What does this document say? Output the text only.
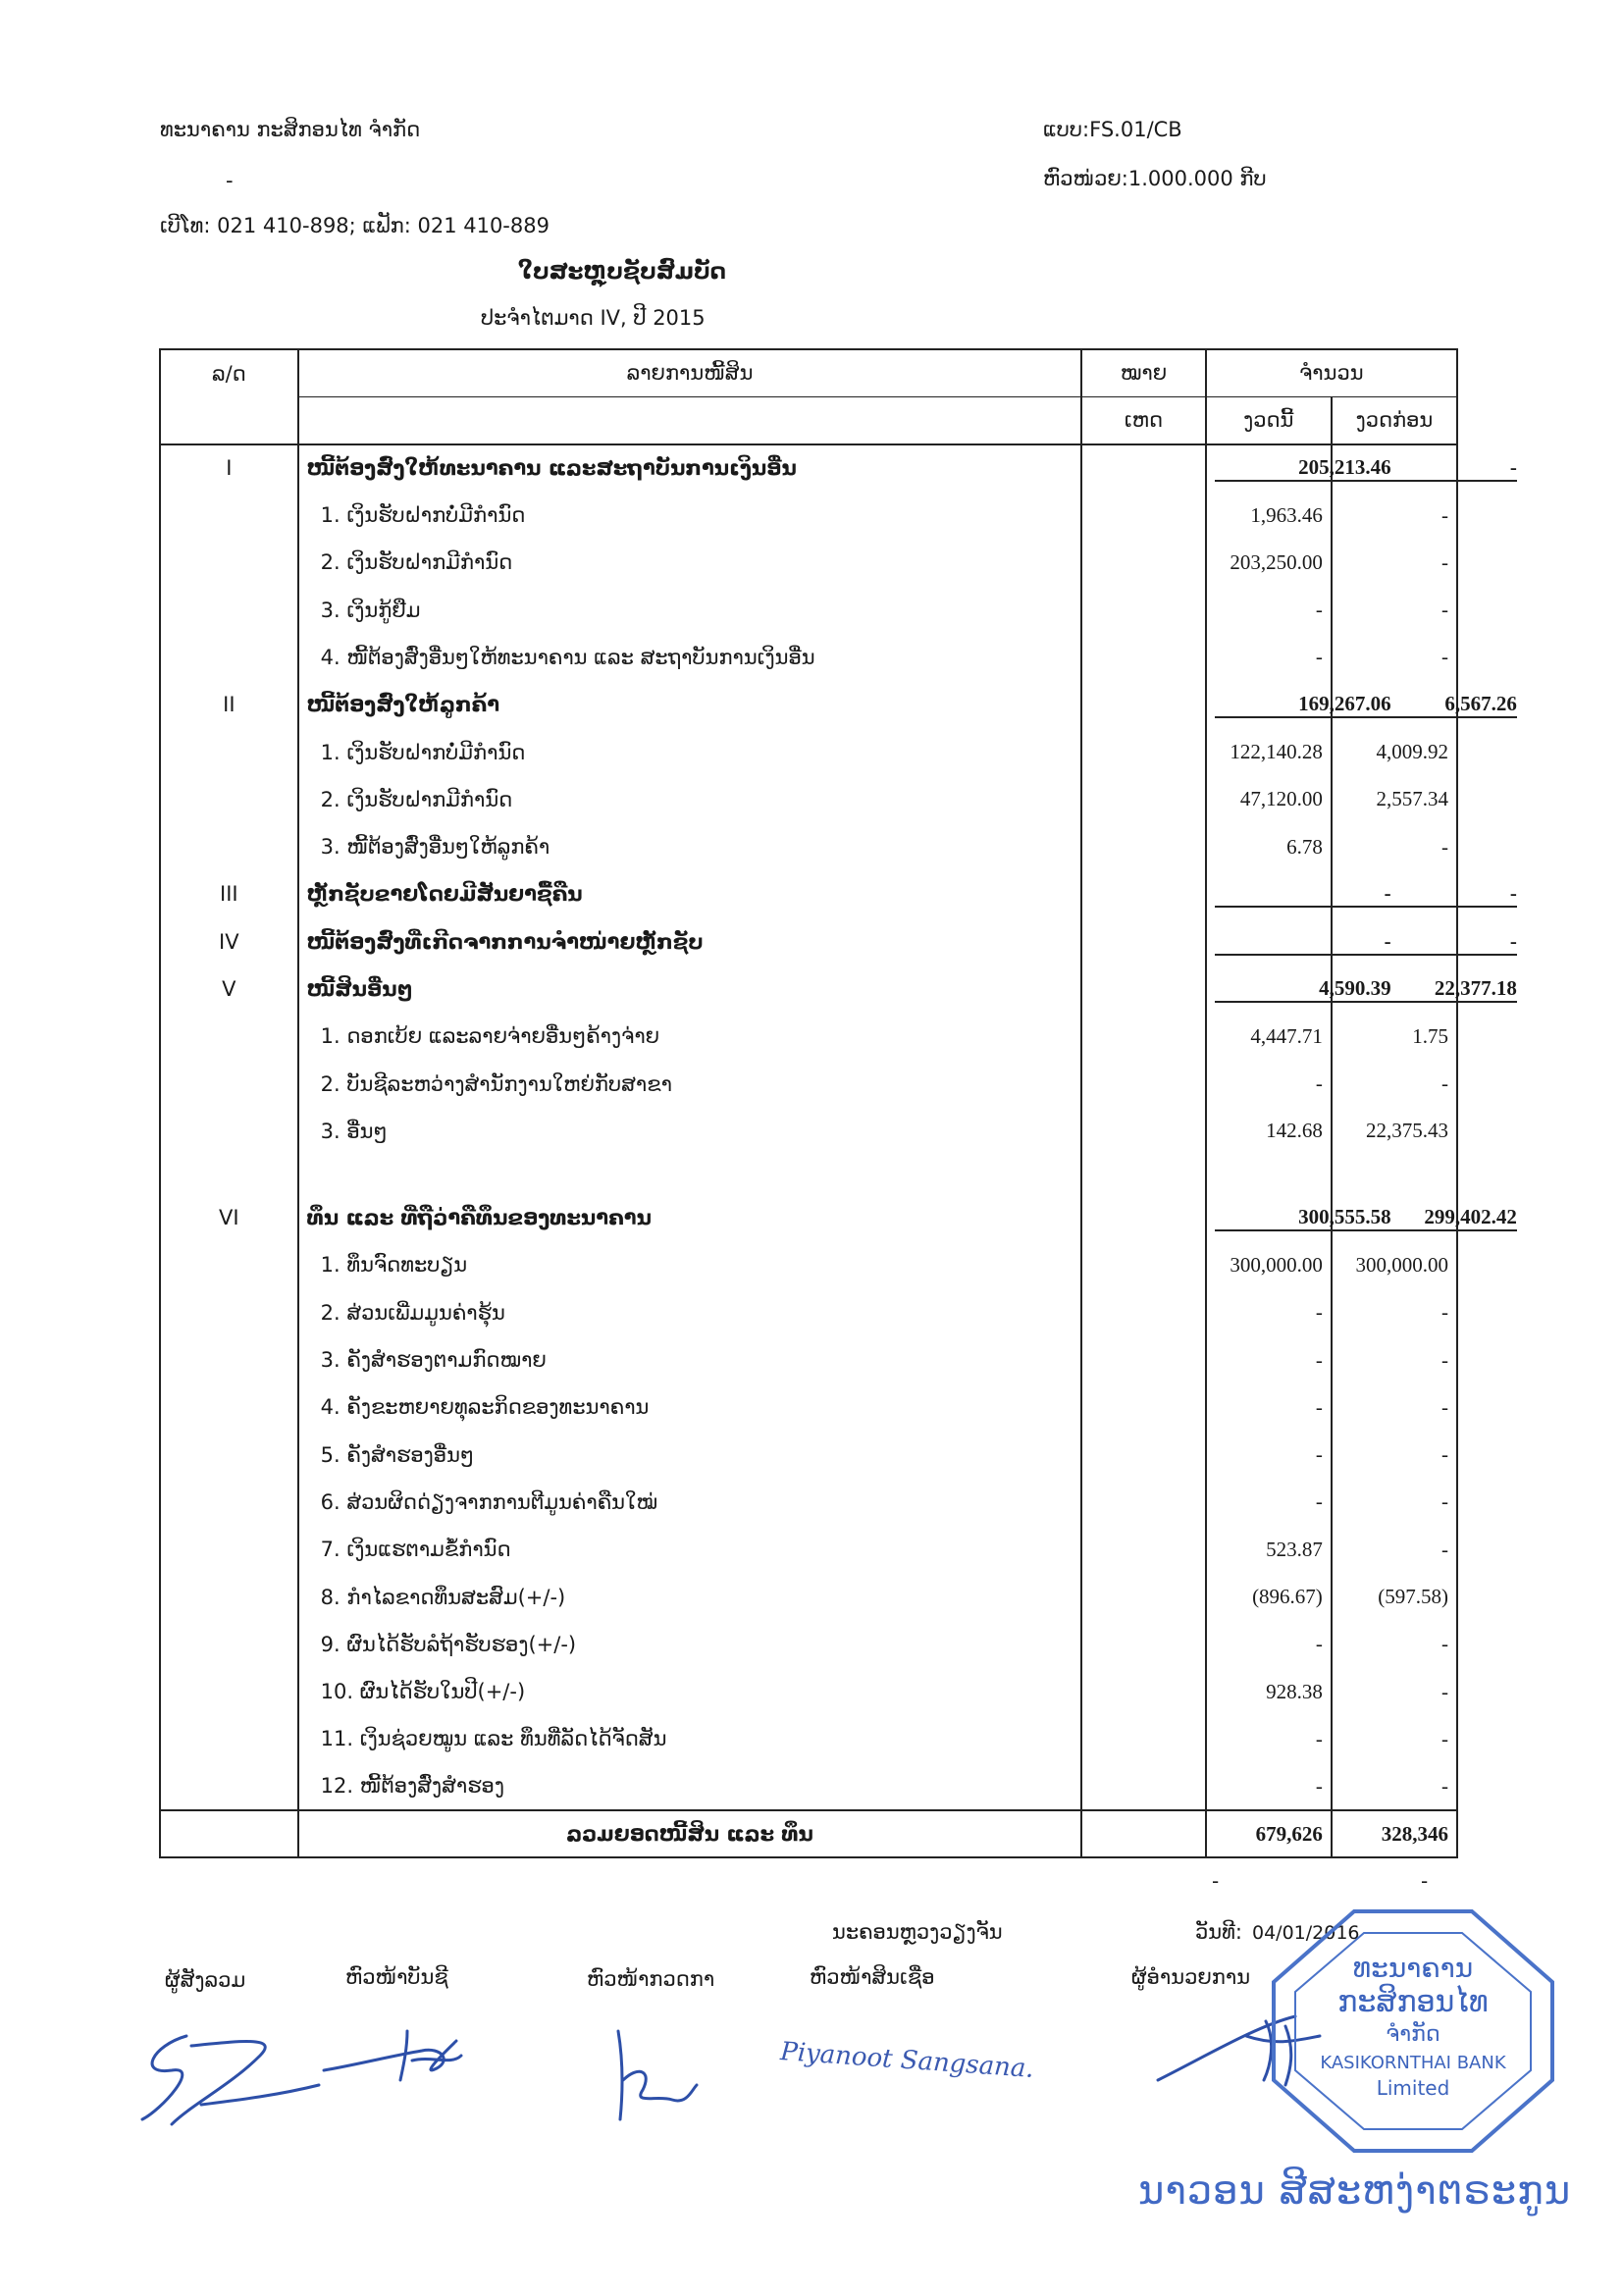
ທະນາຄານ ກະສິກອນໄທ ຈຳກັດ
-
ເບີໂທ: 021 410-898; ແຟັກ: 021 410-889
ແບບ:FS.01/CB
ຫົວໜ່ວຍ:1.000.000 ກີບ
ໃບສະຫຼຸບຊັບສົມບັດ
ປະຈຳໄຕມາດ IV, ປີ 2015
ລ/ດ	ລາຍການໜີ້ສິນ	ໝາຍ	ຈຳນວນ	
		ເຫດ	ງວດນີ້	ງວດກ່ອນ
I	ໜີ້ຕ້ອງສົ່ງໃຫ້ທະນາຄານ ແລະສະຖາບັນການເງິນອື່ນ		205,213.46	-
	1. ເງິນຮັບຝາກບໍ່ມີກຳນົດ		1,963.46	-
	2. ເງິນຮັບຝາກມີກຳນົດ		203,250.00	-
	3. ເງິນກູ້ຢືມ		-	-
	4. ໜີ້ຕ້ອງສົ່ງອື່ນໆໃຫ້ທະນາຄານ ແລະ ສະຖາບັນການເງິນອື່ນ		-	-
II	ໜີ້ຕ້ອງສົ່ງໃຫ້ລູກຄ້າ		169,267.06	6,567.26
	1. ເງິນຮັບຝາກບໍ່ມີກຳນົດ		122,140.28	4,009.92
	2. ເງິນຮັບຝາກມີກຳນົດ		47,120.00	2,557.34
	3. ໜີ້ຕ້ອງສົ່ງອື່ນໆໃຫ້ລູກຄ້າ		6.78	-
III	ຫຼັກຊັບຂາຍໂດຍມີສັນຍາຊື້ຄືນ		-	-
IV	ໜີ້ຕ້ອງສົ່ງທີ່ເກີດຈາກການຈຳໜ່າຍຫຼັກຊັບ		-	-
V	ໜີ້ສິນອື່ນໆ		4,590.39	22,377.18
	1. ດອກເບ້ຍ ແລະລາຍຈ່າຍອື່ນໆຄ້າງຈ່າຍ		4,447.71	1.75
	2. ບັນຊີລະຫວ່າງສຳນັກງານໃຫຍ່ກັບສາຂາ		-	-
	3. ອື່ນໆ		142.68	22,375.43

VI	ທຶນ ແລະ ທີ່ຖືວ່າຄືທຶນຂອງທະນາຄານ		300,555.58	299,402.42
	1. ທຶນຈົດທະບຽນ		300,000.00	300,000.00
	2. ສ່ວນເພີ່ມມູນຄ່າຮຸ້ນ		-	-
	3. ຄັງສຳຮອງຕາມກົດໝາຍ		-	-
	4. ຄັງຂະຫຍາຍທຸລະກິດຂອງທະນາຄານ		-	-
	5. ຄັງສຳຮອງອື່ນໆ		-	-
	6. ສ່ວນຜິດດ່ຽງຈາກການຕີມູນຄ່າຄືນໃໝ່		-	-
	7. ເງິນແຮຕາມຂໍ້ກຳນົດ		523.87	-
	8. ກຳໄລຂາດທຶນສະສົມ(+/-)		(896.67)	(597.58)
	9. ຜົນໄດ້ຮັບລໍຖ້າຮັບຮອງ(+/-)		-	-
	10. ຜົນໄດ້ຮັບໃນປີ(+/-)		928.38	-
	11. ເງິນຊ່ວຍໝູນ ແລະ ທຶນທີ່ລັດໄດ້ຈັດສັນ		-	-
	12. ໜີ້ຕ້ອງສົ່ງສຳຮອງ		-	-
	ລວມຍອດໜີ້ສິນ ແລະ ທຶນ		679,626	328,346
-	-
ນະຄອນຫຼວງວຽງຈັນ	ວັນທີ: 04/01/2016
ຜູ້ສັງລວມ	ຫົວໜ້າບັນຊີ	ຫົວໜ້າກວດກາ	ຫົວໜ້າສິນເຊື່ອ	ຜູ້ອຳນວຍການ
Piyanoot Sangsana.
ທະນາຄານ
ກະສິກອນໄທ
ຈຳກັດ
KASIKORNTHAI BANK
Limited
ນາວອນ ສີສະຫງ່າຕຣະກູນ
